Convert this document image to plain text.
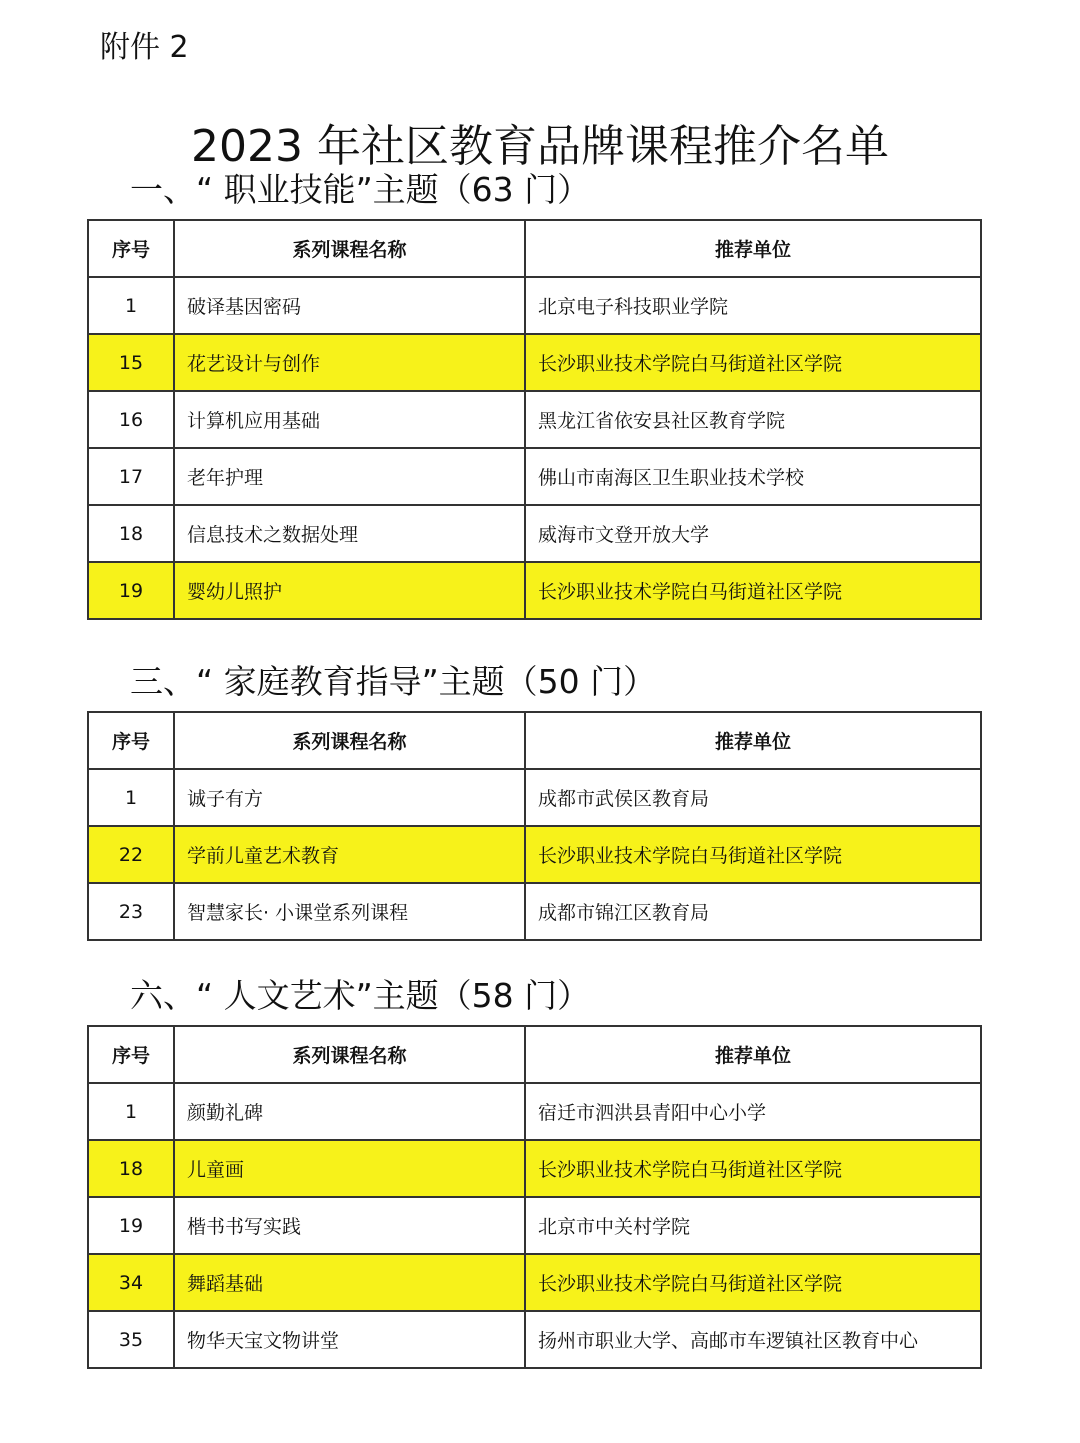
附件 2
2023 年社区教育品牌课程推介名单
一、“ 职业技能”主题（63 门）
序号	系列课程名称	推荐单位
1	破译基因密码	北京电子科技职业学院
15	花艺设计与创作	长沙职业技术学院白马街道社区学院
16	计算机应用基础	黑龙江省依安县社区教育学院
17	老年护理	佛山市南海区卫生职业技术学校
18	信息技术之数据处理	威海市文登开放大学
19	婴幼儿照护	长沙职业技术学院白马街道社区学院
三、“ 家庭教育指导”主题（50 门）
序号	系列课程名称	推荐单位
1	诚子有方	成都市武侯区教育局
22	学前儿童艺术教育	长沙职业技术学院白马街道社区学院
23	智慧家长· 小课堂系列课程	成都市锦江区教育局
六、“ 人文艺术”主题（58 门）
序号	系列课程名称	推荐单位
1	颜勤礼碑	宿迁市泗洪县青阳中心小学
18	儿童画	长沙职业技术学院白马街道社区学院
19	楷书书写实践	北京市中关村学院
34	舞蹈基础	长沙职业技术学院白马街道社区学院
35	物华天宝文物讲堂	扬州市职业大学、高邮市车逻镇社区教育中心
